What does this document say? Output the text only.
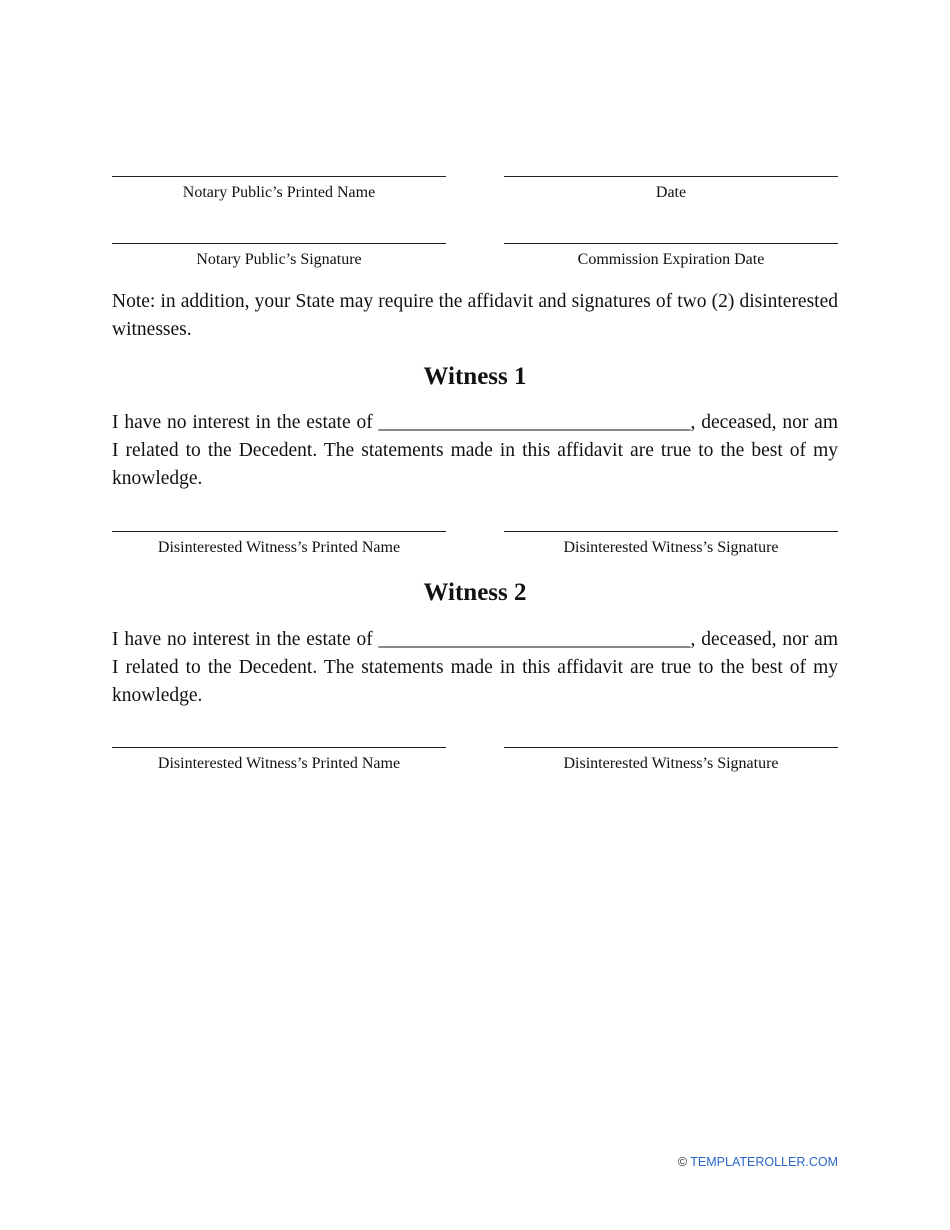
Notary Public’s Printed Name	Date
Notary Public’s Signature	Commission Expiration Date
Note: in addition, your State may require the affidavit and signatures of two (2) disinterested witnesses.
Witness 1
I have no interest in the estate of ________________________________, deceased, nor am I related to the Decedent. The statements made in this affidavit are true to the best of my knowledge.
Disinterested Witness’s Printed Name	Disinterested Witness’s Signature
Witness 2
I have no interest in the estate of ________________________________, deceased, nor am I related to the Decedent. The statements made in this affidavit are true to the best of my knowledge.
Disinterested Witness’s Printed Name	Disinterested Witness’s Signature
© TEMPLATEROLLER.COM
